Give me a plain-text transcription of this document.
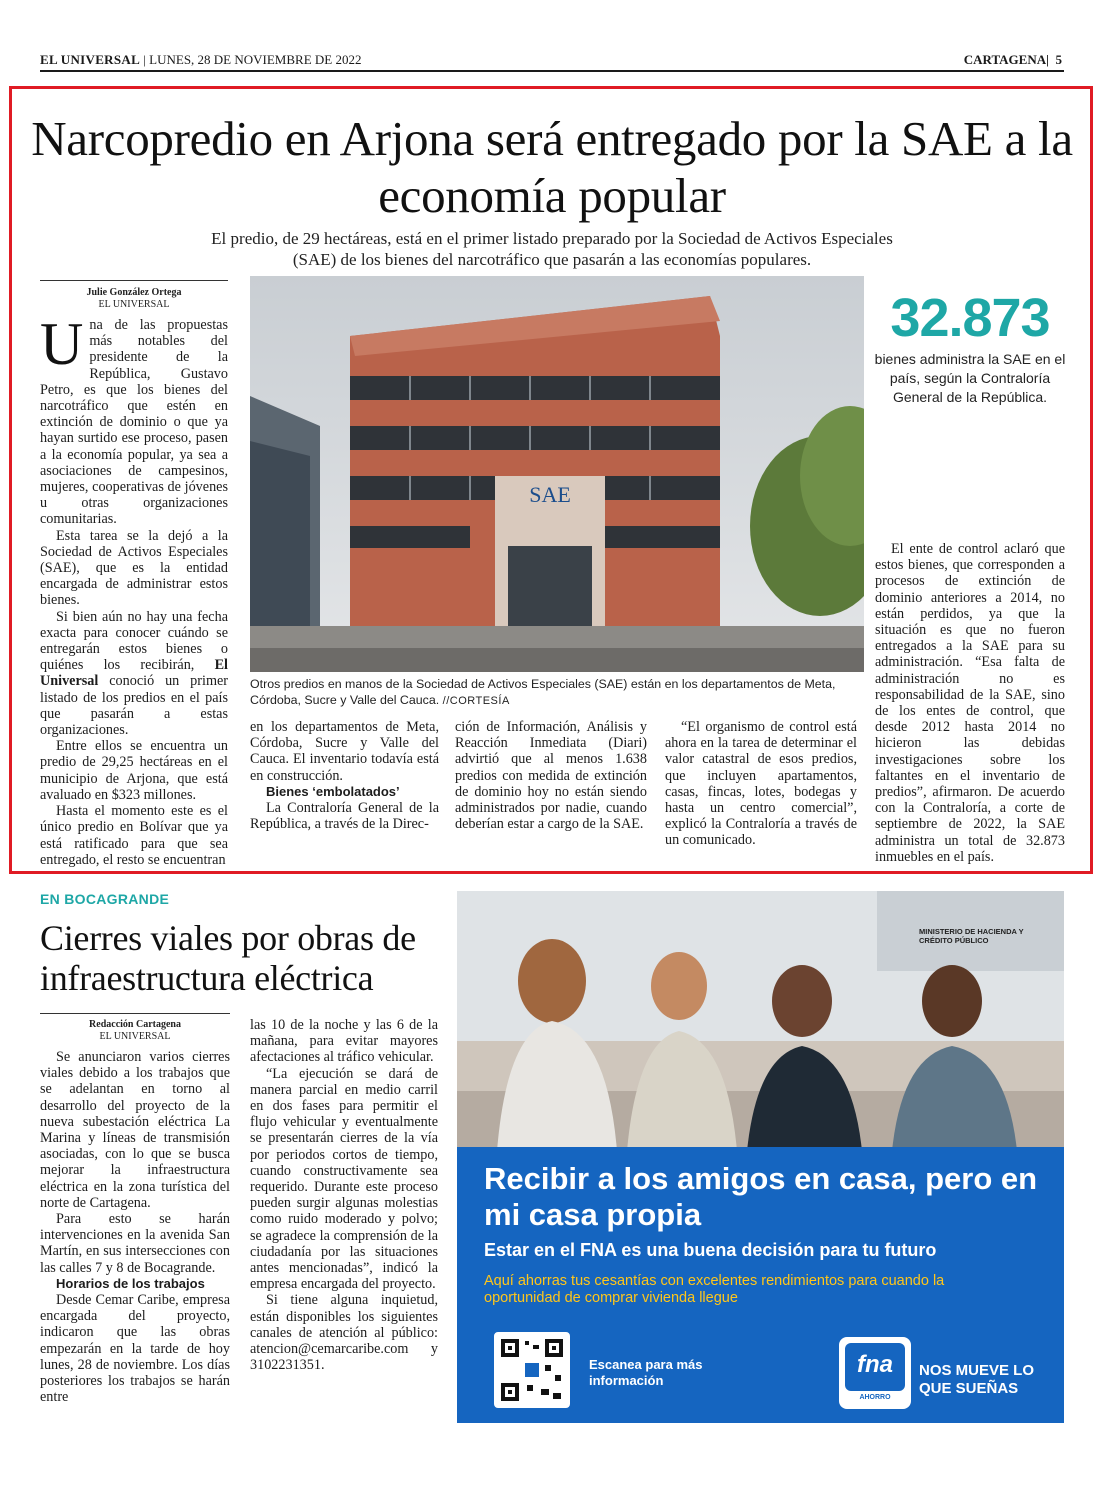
EL UNIVERSAL | LUNES, 28 DE NOVIEMBRE DE 2022	CARTAGENA|  5
Narcopredio en Arjona será entregado por la SAE a la economía popular
El predio, de 29 hectáreas, está en el primer listado preparado por la Sociedad de Activos Especiales (SAE) de los bienes del narcotráfico que pasarán a las economías populares.
Julie González Ortega
EL UNIVERSAL

Una de las propuestas más notables del presidente de la República, Gustavo Petro, es que los bienes del narcotráfico que estén en extinción de dominio o que ya hayan surtido ese proceso, pasen a la economía popular, ya sea a asociaciones de campesinos, mujeres, cooperativas de jóvenes u otras organizaciones comunitarias.

Esta tarea se la dejó a la Sociedad de Activos Especiales (SAE), que es la entidad encargada de administrar estos bienes.

Si bien aún no hay una fecha exacta para conocer cuándo se entregarán estos bienes o quiénes los recibirán, El Universal conoció un primer listado de los predios en el país que pasarán a estas organizaciones.

Entre ellos se encuentra un predio de 29,25 hectáreas en el municipio de Arjona, que está avaluado en $323 millones.

Hasta el momento este es el único predio en Bolívar que ya está ratificado para que sea entregado, el resto se encuentran

SAE
Otros predios en manos de la Sociedad de Activos Especiales (SAE) están en los departamentos de Meta, Córdoba, Sucre y Valle del Cauca. //CORTESÍA
32.873
bienes administra la SAE en el país, según la Contraloría General de la República.

en los departamentos de Meta, Córdoba, Sucre y Valle del Cauca. El inventario todavía está en construcción.

Bienes ‘embolatados’

La Contraloría General de la República, a través de la Direc-

ción de Información, Análisis y Reacción Inmediata (Diari) advirtió que al menos 1.638 predios con medida de extinción de dominio hoy no están siendo administrados por nadie, cuando deberían estar a cargo de la SAE.

“El organismo de control está ahora en la tarea de determinar el valor catastral de esos predios, que incluyen apartamentos, casas, fincas, lotes, bodegas y hasta un centro comercial”, explicó la Contraloría a través de un comunicado.

El ente de control aclaró que estos bienes, que corresponden a procesos de extinción de dominio anteriores a 2014, no están perdidos, ya que la situación es que no fueron entregados a la SAE para su administración. “Esa falta de administración no es responsabilidad de la SAE, sino de los entes de control, que desde 2012 hasta 2014 no hicieron las debidas investigaciones sobre los faltantes en el inventario de predios”, afirmaron. De acuerdo con la Contraloría, a corte de septiembre de 2022, la SAE administra un total de 32.873 inmuebles en el país.

EN BOCAGRANDE
Cierres viales por obras de infraestructura eléctrica
Redacción Cartagena
EL UNIVERSAL

Se anunciaron varios cierres viales debido a los trabajos que se adelantan en torno al desarrollo del proyecto de la nueva subestación eléctrica La Marina y líneas de transmisión asociadas, con lo que se busca mejorar la infraestructura eléctrica en la zona turística del norte de Cartagena.

Para esto se harán intervenciones en la avenida San Martín, en sus intersecciones con las calles 7 y 8 de Bocagrande.

Horarios de los trabajos

Desde Cemar Caribe, empresa encargada del proyecto, indicaron que las obras empezarán en la tarde de hoy lunes, 28 de noviembre. Los días posteriores los trabajos se harán entre

las 10 de la noche y las 6 de la mañana, para evitar mayores afectaciones al tráfico vehicular.

“La ejecución se dará de manera parcial en medio carril en dos fases para permitir el flujo vehicular y eventualmente se presentarán cierres de la vía por periodos cortos de tiempo, cuando constructivamente sea requerido. Durante este proceso pueden surgir algunas molestias como ruido moderado y polvo; se agradece la comprensión de la ciudadanía por las situaciones antes mencionadas”, indicó la empresa encargada del proyecto.

Si tiene alguna inquietud, están disponibles los siguientes canales de atención al público: atencion@cemarcaribe.com y 3102231351.

MINISTERIO DE HACIENDA Y CRÉDITO PÚBLICO
Recibir a los amigos en casa, pero en mi casa propia
Estar en el FNA es una buena decisión para tu futuro
Aquí ahorras tus cesantías con excelentes rendimientos para cuando la oportunidad de comprar vivienda llegue
Escanea para más información
fna
AHORRO
NOS MUEVE LO QUE SUEÑAS
